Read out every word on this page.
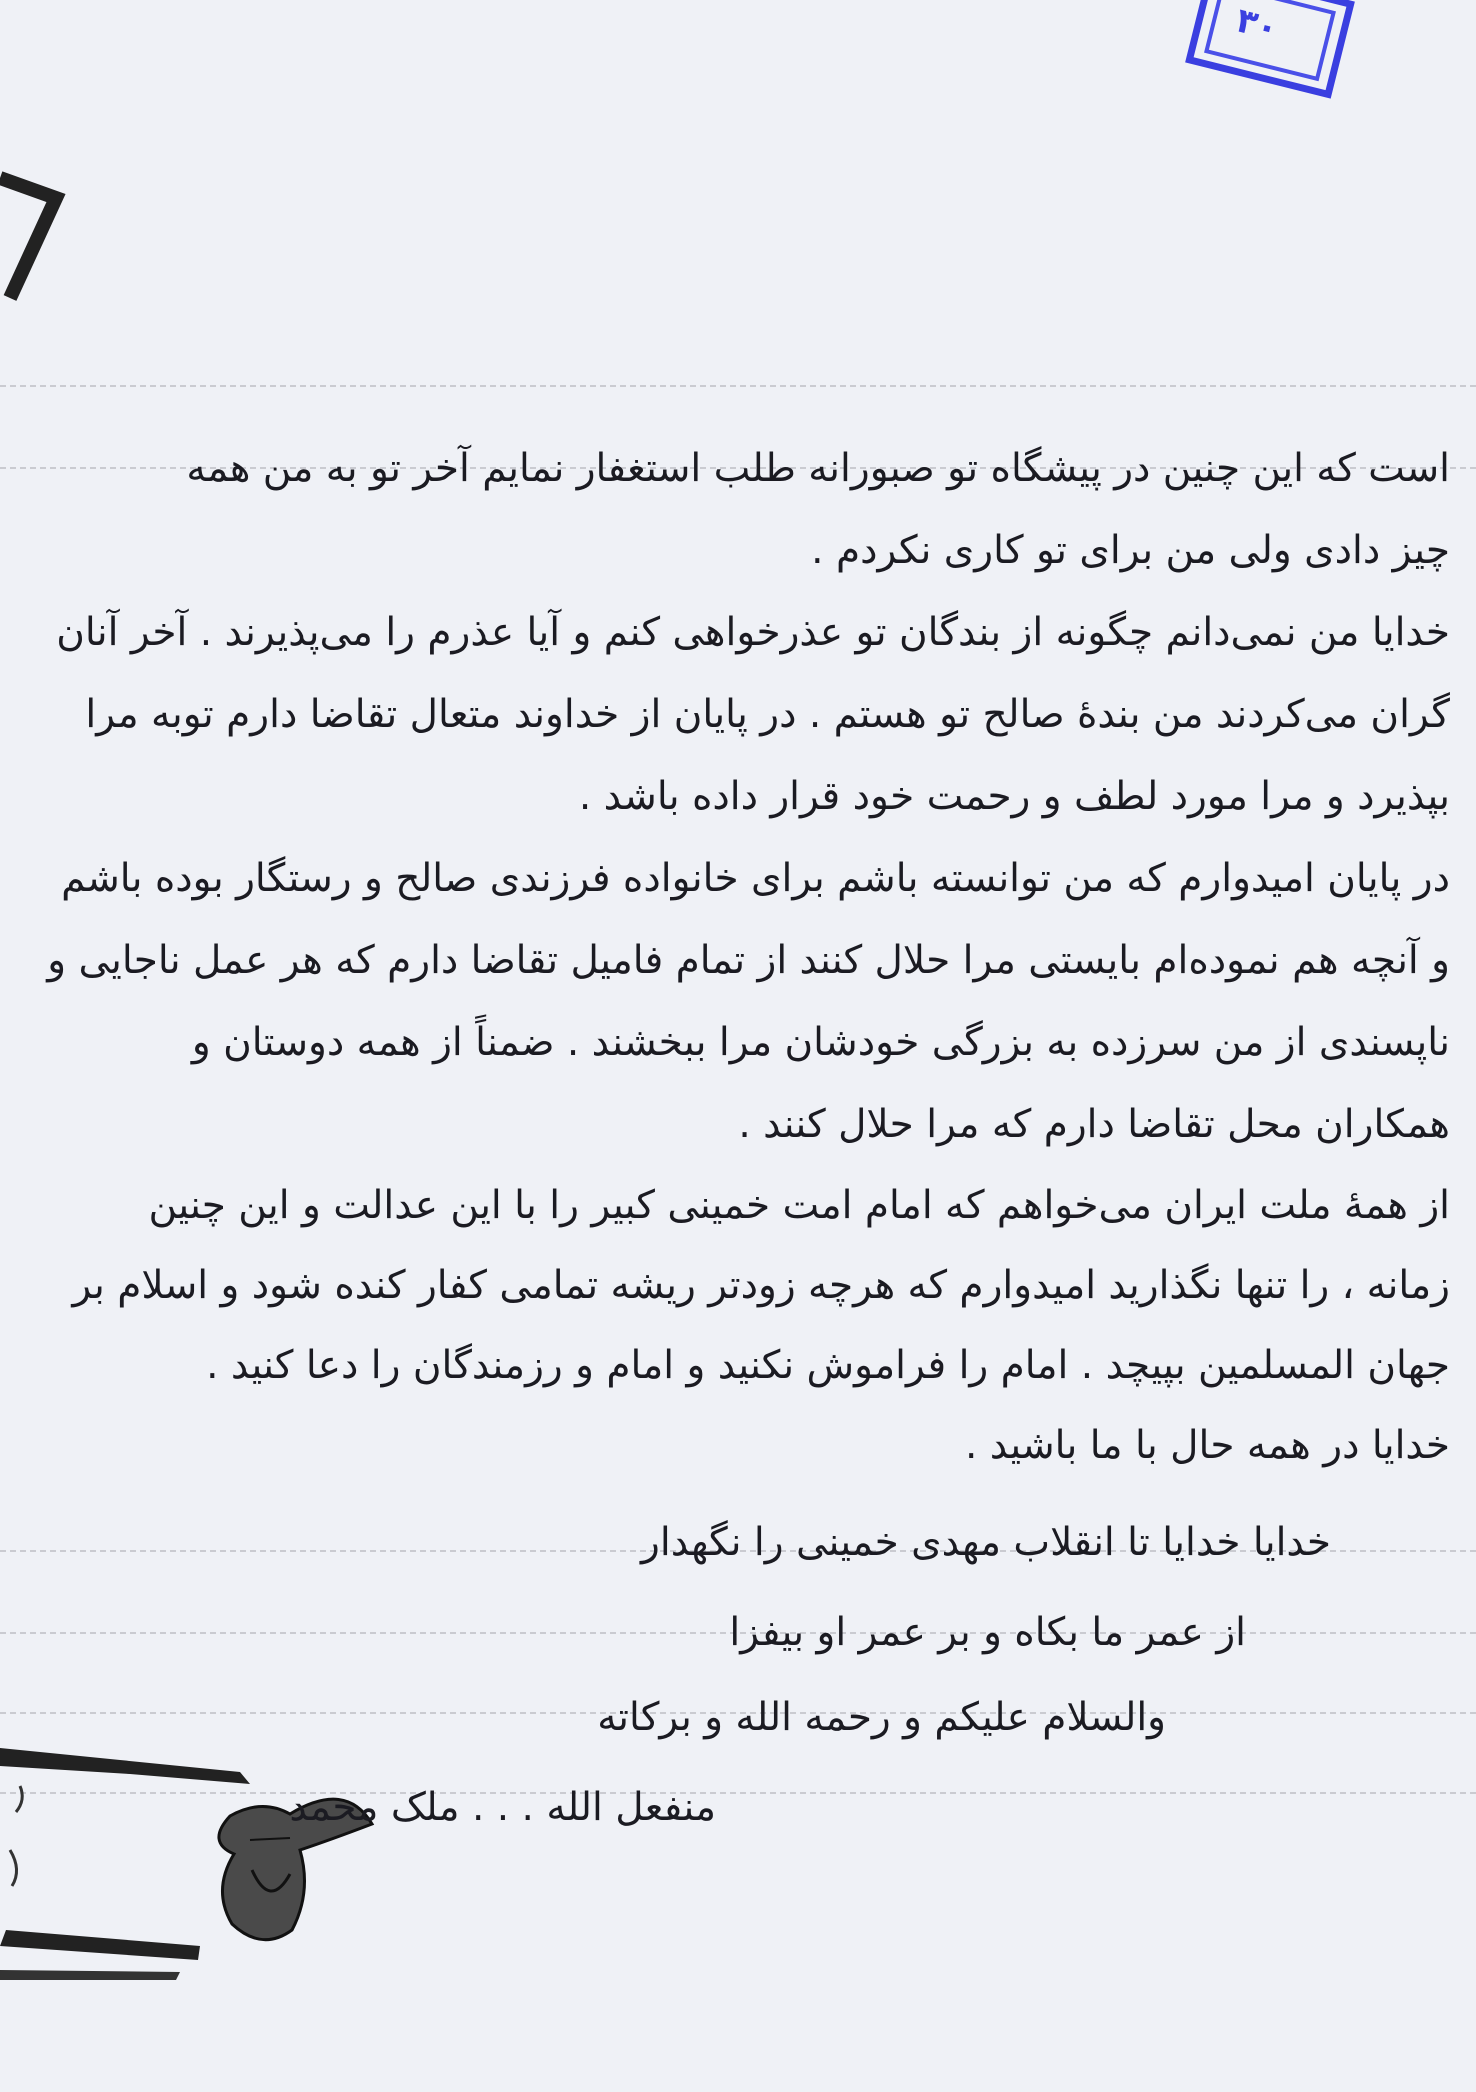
۳۰
است که این چنین در پیشگاه تو صبورانه طلب استغفار نمایم آخر تو به من همه
چیز دادی ولی من برای تو کاری نکردم .
خدایا من نمی‌دانم چگونه از بندگان تو عذرخواهی کنم و آیا عذرم را می‌پذیرند . آخر آنان
گران می‌کردند من بندهٔ صالح تو هستم . در پایان از خداوند متعال تقاضا دارم توبه مرا
بپذیرد و مرا مورد لطف و رحمت خود قرار داده باشد .
در پایان امیدوارم که من توانسته باشم برای خانواده فرزندی صالح و رستگار بوده باشم
و آنچه هم نموده‌ام بایستی مرا حلال کنند از تمام فامیل تقاضا دارم که هر عمل ناجایی و
ناپسندی از من سرزده به بزرگی خودشان مرا ببخشند . ضمناً از همه دوستان و
همکاران محل تقاضا دارم که مرا حلال کنند .
از همهٔ ملت ایران می‌خواهم که امام امت خمینی کبیر را با این عدالت و این چنین
زمانه ، را تنها نگذارید امیدوارم که هرچه زودتر ریشه تمامی کفار کنده شود و اسلام بر
جهان المسلمین بپیچد . امام را فراموش نکنید و امام و رزمندگان را دعا کنید .
خدایا در همه حال با ما باشید .
خدایا خدایا تا انقلاب مهدی خمینی را نگهدار
از عمر ما بکاه و بر عمر او بیفزا
والسلام علیکم و رحمه الله و برکاته
منفعل الله . . . ملک محمد
